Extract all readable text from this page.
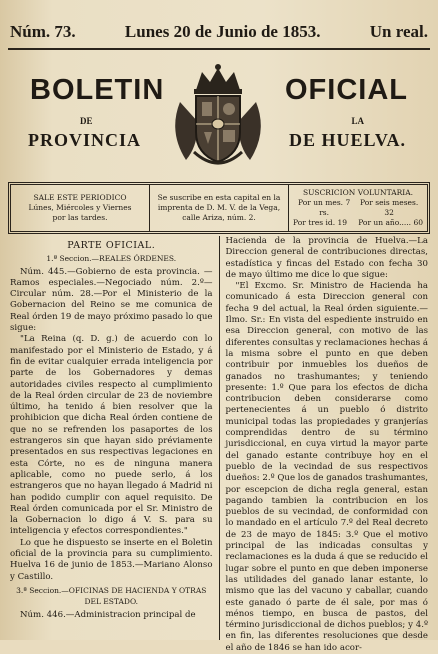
Núm. 73.	Lunes 20 de Junio de 1853.	Un real.
BOLETIN	OFICIAL
DE	LA
PROVINCIA	DE HUELVA.
SALE ESTE PERIODICO
Lúnes, Miércoles y Viernes
por las tardes.
Se suscribe en esta capital en la
imprenta de D. M. V. de la Vega,
calle Ariza, núm. 2.
SUSCRICION VOLUNTARIA.
Por un mes. 7 rs.
Por seis meses. 32
Por tres id. 19 Por un año..... 60
PARTE OFICIAL.
1.ª Seccion.—REALES ÓRDENES.

Núm. 445.—Gobierno de esta provincia. —Ramos especiales.—Negociado núm. 2.º—Circular núm. 28.—Por el Ministerio de la Gobernacion del Reino se me comunica de Real órden 19 de mayo próximo pasado lo que sigue:

"La Reina (q. D. g.) de acuerdo con lo manifestado por el Ministerio de Estado, y á fin de evitar cualquier errada inteligencia por parte de los Gobernadores y demas autoridades civiles respecto al cumplimiento de la Real órden circular de 23 de noviembre último, ha tenido á bien resolver que la prohibicion que dicha Real órden contiene de que no se refrenden los pasaportes de los estrangeros sin que hayan sido préviamente presentados en sus respectivas legaciones en esta Córte, no es de ninguna manera aplicable, como no puede serlo, á los estrangeros que no hayan llegado á Madrid ni han podido cumplir con aquel requisito. De Real órden comunicada por el Sr. Ministro de la Gobernacion lo digo á V. S. para su inteligencia y efectos correspondientes."

Lo que he dispuesto se inserte en el Boletin oficial de la provincia para su cumplimiento. Huelva 16 de junio de 1853.—Mariano Alonso y Castillo.

3.ª Seccion.—OFICINAS DE HACIENDA Y OTRAS DEL ESTADO.

Núm. 446.—Administracion principal de

Hacienda de la provincia de Huelva.—La Direccion general de contribuciones directas, estadística y fincas del Estado con fecha 30 de mayo último me dice lo que sigue:

"El Excmo. Sr. Ministro de Hacienda ha comunicado á esta Direccion general con fecha 9 del actual, la Real órden siguiente.—Ilmo. Sr.: En vista del espediente instruido en esa Direccion general, con motivo de las diferentes consultas y reclamaciones hechas á la misma sobre el punto en que deben contribuir por inmuebles los dueños de ganados no trashumantes; y teniendo presente: 1.º Que para los efectos de dicha contribucion deben considerarse como pertenecientes á un pueblo ó distrito municipal todas las propiedades y granjerías comprendidas dentro de su término jurisdiccional, en cuya virtud la mayor parte del ganado estante contribuye hoy en el pueblo de la vecindad de sus respectivos dueños: 2.º Que los de ganados trashumantes, por escepcion de dicha regla general, estan pagando tambien la contribucion en los pueblos de su vecindad, de conformidad con lo mandado en el artículo 7.º del Real decreto de 23 de mayo de 1845: 3.º Que el motivo principal de las indicadas consultas y reclamaciones es la duda á que se reducido el lugar sobre el punto en que deben imponerse las utilidades del ganado lanar estante, lo mismo que las del vacuno y caballar, cuando este ganado ó parte de él sale, por mas ó ménos tiempo, en busca de pastos, del término jurisdiccional de dichos pueblos; y 4.º en fin, las diferentes resoluciones que desde el año de 1846 se han ido acor-
